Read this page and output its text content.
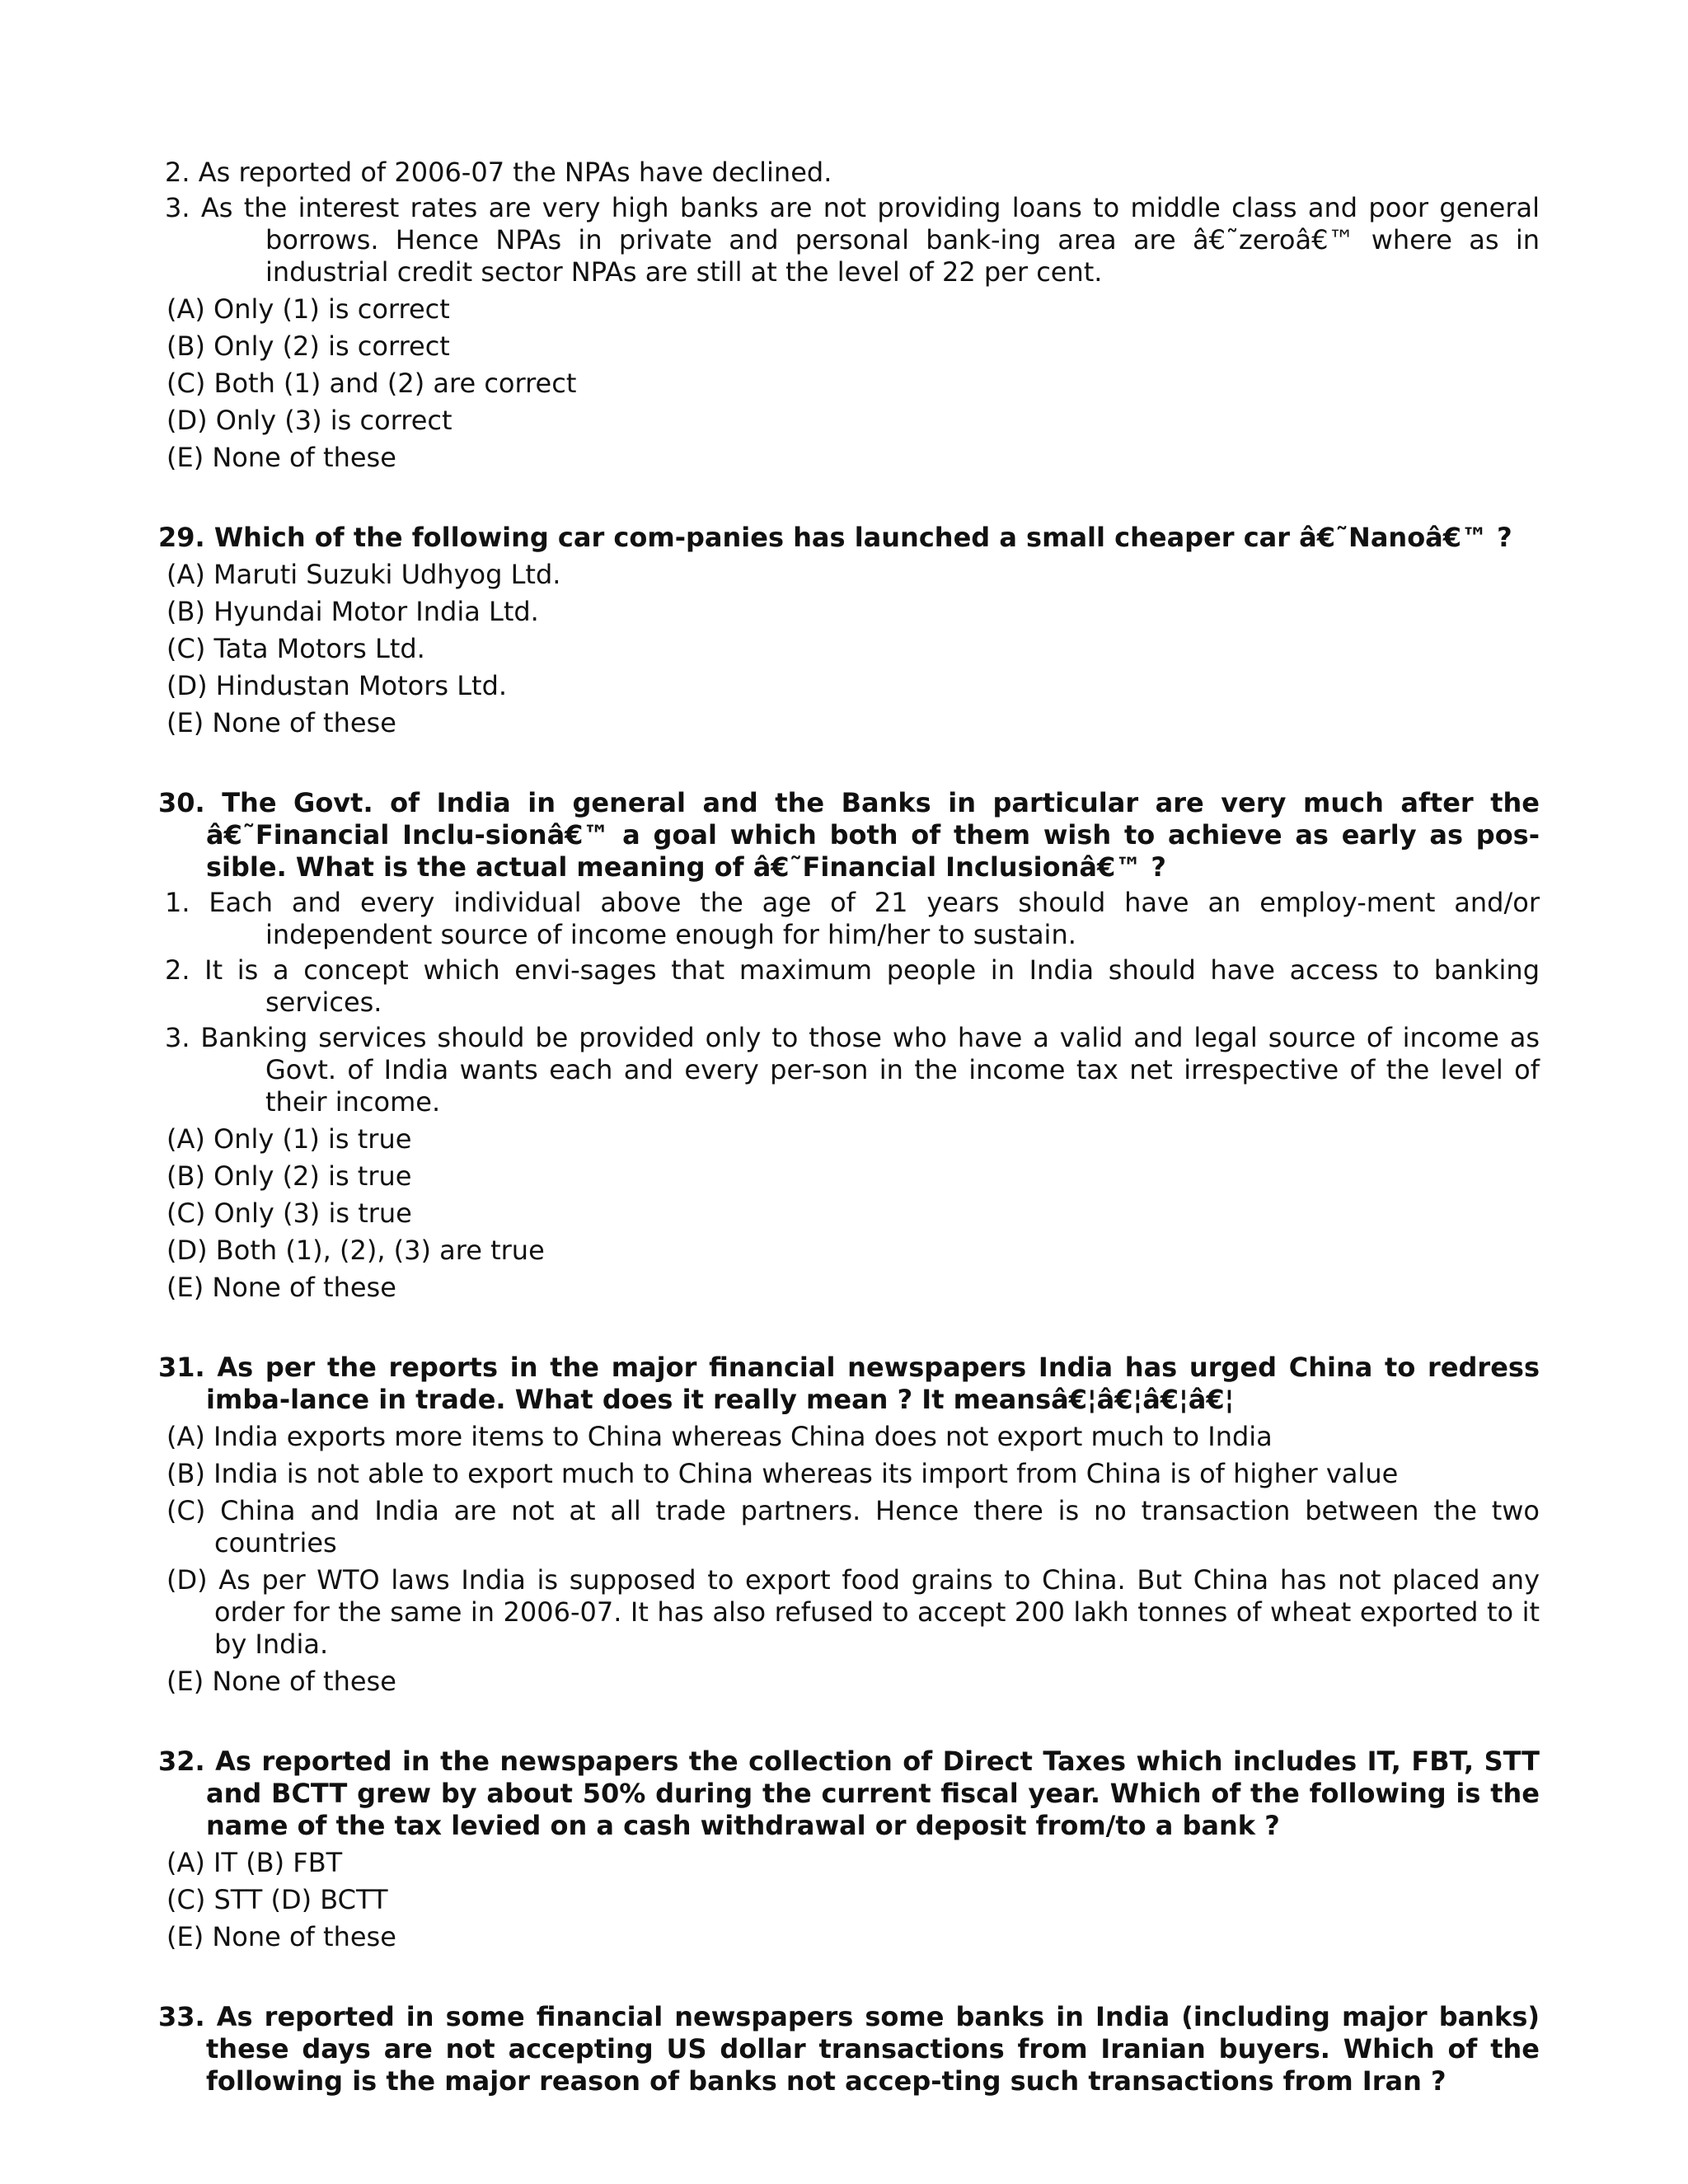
2. As reported of 2006-07 the NPAs have declined.
3. As the interest rates are very high banks are not providing loans to middle class and poor general borrows. Hence NPAs in private and personal bank-ing area are â€˜zeroâ€™ where as in industrial credit sector NPAs are still at the level of 22 per cent.
(A) Only (1) is correct
(B) Only (2) is correct
(C) Both (1) and (2) are correct
(D) Only (3) is correct
(E) None of these
29. Which of the following car com-panies has launched a small cheaper car â€˜Nanoâ€™ ?
(A) Maruti Suzuki Udhyog Ltd.
(B) Hyundai Motor India Ltd.
(C) Tata Motors Ltd.
(D) Hindustan Motors Ltd.
(E) None of these
30. The Govt. of India in general and the Banks in particular are very much after the â€˜Financial Inclu-sionâ€™ a goal which both of them wish to achieve as early as pos-sible. What is the actual meaning of â€˜Financial Inclusionâ€™ ?
1. Each and every individual above the age of 21 years should have an employ-ment and/or independent source of income enough for him/her to sustain.
2. It is a concept which envi-sages that maximum people in India should have access to banking services.
3. Banking services should be provided only to those who have a valid and legal source of income as Govt. of India wants each and every per-son in the income tax net irrespective of the level of their income.
(A) Only (1) is true
(B) Only (2) is true
(C) Only (3) is true
(D) Both (1), (2), (3) are true
(E) None of these
31. As per the reports in the major financial newspapers India has urged China to redress imba-lance in trade. What does it really mean ? It meansâ€¦â€¦â€¦â€¦
(A) India exports more items to China whereas China does not export much to India
(B) India is not able to export much to China whereas its import from China is of higher value
(C) China and India are not at all trade partners. Hence there is no transaction between the two countries
(D) As per WTO laws India is supposed to export food grains to China. But China has not placed any order for the same in 2006-07. It has also refused to accept 200 lakh tonnes of wheat exported to it by India.
(E) None of these
32. As reported in the newspapers the collection of Direct Taxes which includes IT, FBT, STT and BCTT grew by about 50% during the current fiscal year. Which of the following is the name of the tax levied on a cash withdrawal or deposit from/to a bank ?
(A) IT (B) FBT
(C) STT (D) BCTT
(E) None of these
33. As reported in some financial newspapers some banks in India (including major banks) these days are not accepting US dollar transactions from Iranian buyers. Which of the following is the major reason of banks not accep-ting such transactions from Iran ?
